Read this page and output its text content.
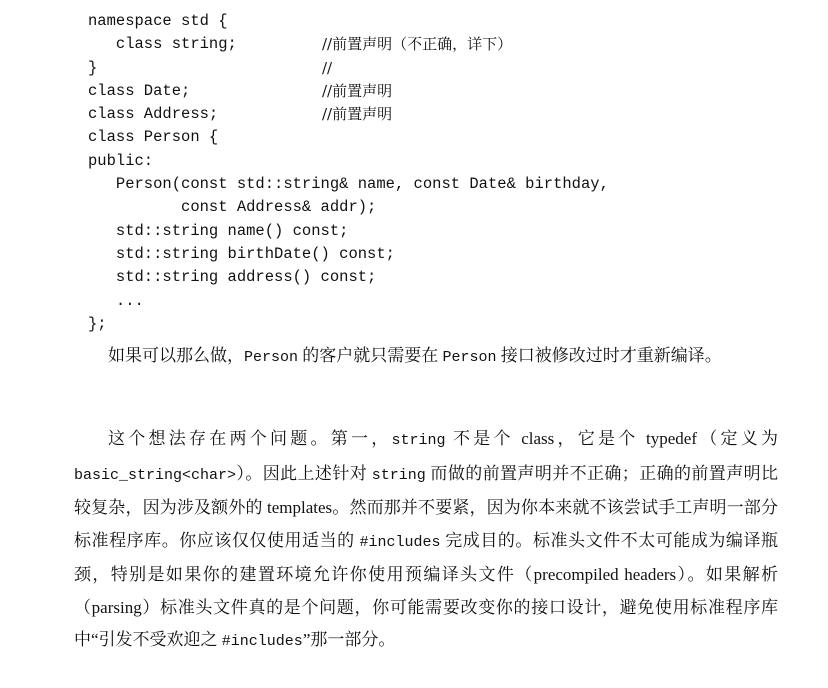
namespace std {
class string;	//前置声明（不正确，详下）
}	//
class Date;	//前置声明
class Address;	//前置声明
class Person {
public:
Person(const std::string& name, const Date& birthday,
const Address& addr);
std::string name() const;
std::string birthDate() const;
std::string address() const;
...
};

如果可以那么做，Person 的客户就只需要在 Person 接口被修改过时才重新编译。

这个想法存在两个问题。第一，string 不是个 class，它是个 typedef（定义为 basic_string<char>）。因此上述针对 string 而做的前置声明并不正确；正确的前置声明比较复杂，因为涉及额外的 templates。然而那并不要紧，因为你本来就不该尝试手工声明一部分标准程序库。你应该仅仅使用适当的 #includes 完成目的。标准头文件不太可能成为编译瓶颈，特别是如果你的建置环境允许你使用预编译头文件（precompiled headers）。如果解析（parsing）标准头文件真的是个问题，你可能需要改变你的接口设计，避免使用标准程序库中“引发不受欢迎之 #includes”那一部分。
